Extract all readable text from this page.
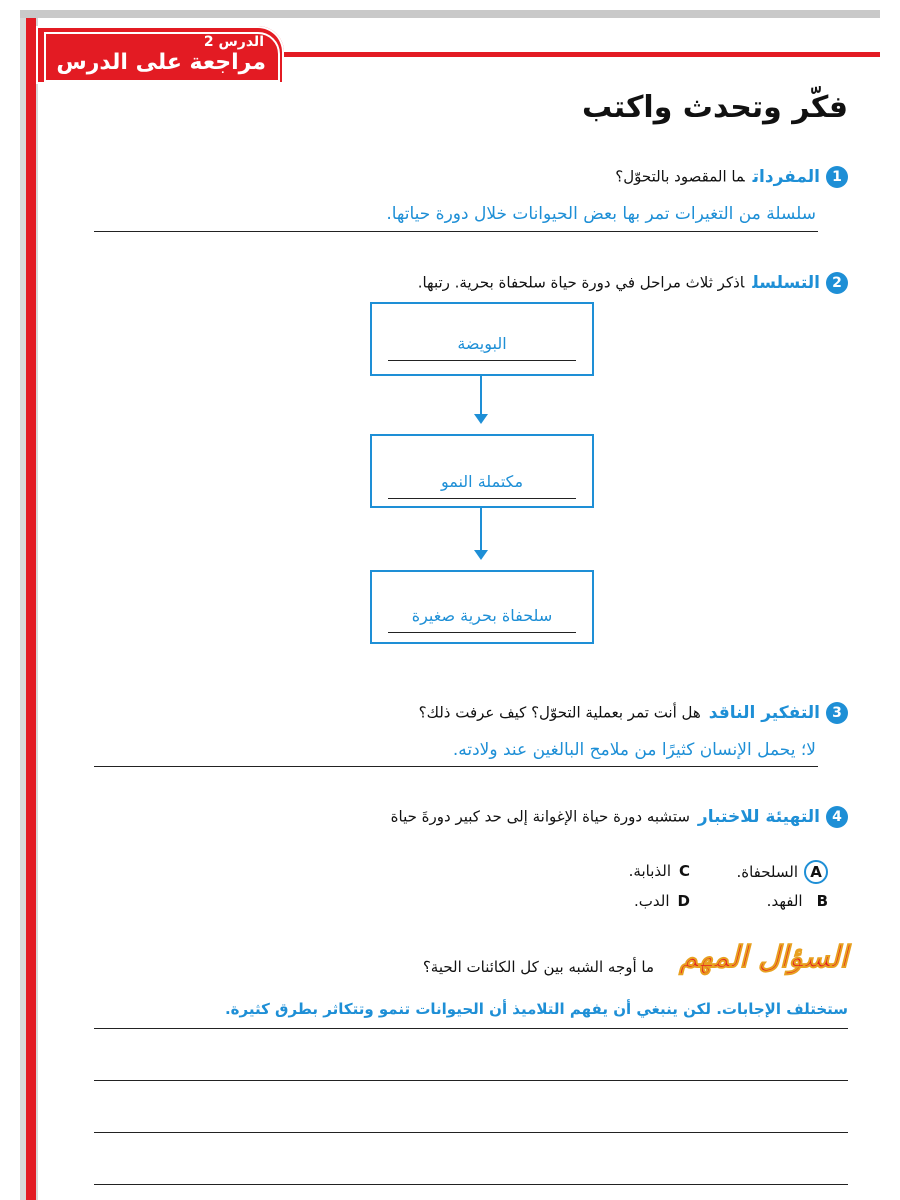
الدرس 2
مراجعة على الدرس
فكّر وتحدث واكتب
1المفرداتما المقصود بالتحوّل؟
سلسلة من التغيرات تمر بها بعض الحيوانات خلال دورة حياتها.
2التسلسلاذكر ثلاث مراحل في دورة حياة سلحفاة بحرية. رتبها.
البويضة
مكتملة النمو
سلحفاة بحرية صغيرة
3التفكير الناقدهل أنت تمر بعملية التحوّل؟ كيف عرفت ذلك؟
لا؛ يحمل الإنسان كثيرًا من ملامح البالغين عند ولادته.
4التهيئة للاختبارستشبه دورة حياة الإغوانة إلى حد كبير دورةَ حياة
Aالسلحفاة.
Bالفهد.
Cالذبابة.
Dالدب.
السؤال المهم
ما أوجه الشبه بين كل الكائنات الحية؟
ستختلف الإجابات. لكن ينبغي أن يفهم التلاميذ أن الحيوانات تنمو وتتكاثر بطرق كثيرة.
